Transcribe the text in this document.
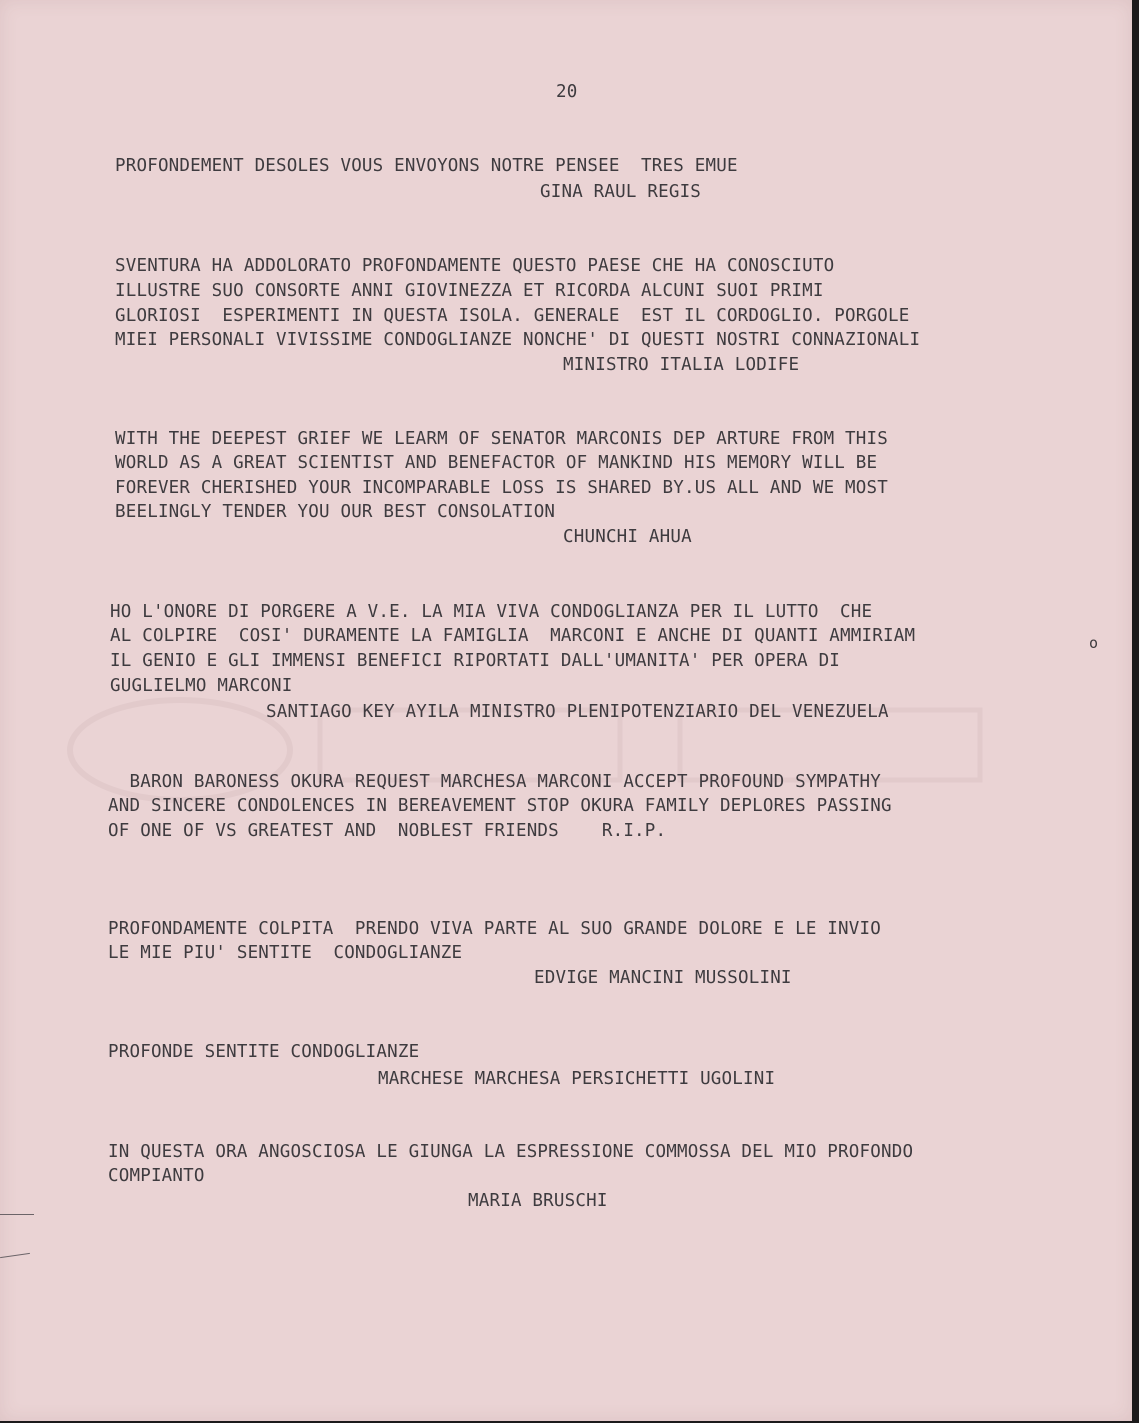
20
PROFONDEMENT DESOLES VOUS ENVOYONS NOTRE PENSEE  TRES EMUE
GINA RAUL REGIS
SVENTURA HA ADDOLORATO PROFONDAMENTE QUESTO PAESE CHE HA CONOSCIUTO
ILLUSTRE SUO CONSORTE ANNI GIOVINEZZA ET RICORDA ALCUNI SUOI PRIMI
GLORIOSI  ESPERIMENTI IN QUESTA ISOLA. GENERALE  EST IL CORDOGLIO. PORGOLE
MIEI PERSONALI VIVISSIME CONDOGLIANZE NONCHE' DI QUESTI NOSTRI CONNAZIONALI
MINISTRO ITALIA LODIFE
WITH THE DEEPEST GRIEF WE LEARM OF SENATOR MARCONIS DEP ARTURE FROM THIS
WORLD AS A GREAT SCIENTIST AND BENEFACTOR OF MANKIND HIS MEMORY WILL BE
FOREVER CHERISHED YOUR INCOMPARABLE LOSS IS SHARED BY.US ALL AND WE MOST
BEELINGLY TENDER YOU OUR BEST CONSOLATION
CHUNCHI AHUA
HO L'ONORE DI PORGERE A V.E. LA MIA VIVA CONDOGLIANZA PER IL LUTTO  CHE
AL COLPIRE  COSI' DURAMENTE LA FAMIGLIA  MARCONI E ANCHE DI QUANTI AMMIRIAM
IL GENIO E GLI IMMENSI BENEFICI RIPORTATI DALL'UMANITA' PER OPERA DI
GUGLIELMO MARCONI
SANTIAGO KEY AYILA MINISTRO PLENIPOTENZIARIO DEL VENEZUELA
o
BARON BARONESS OKURA REQUEST MARCHESA MARCONI ACCEPT PROFOUND SYMPATHY
AND SINCERE CONDOLENCES IN BEREAVEMENT STOP OKURA FAMILY DEPLORES PASSING
OF ONE OF VS GREATEST AND  NOBLEST FRIENDS    R.I.P.
PROFONDAMENTE COLPITA  PRENDO VIVA PARTE AL SUO GRANDE DOLORE E LE INVIO
LE MIE PIU' SENTITE  CONDOGLIANZE
EDVIGE MANCINI MUSSOLINI
PROFONDE SENTITE CONDOGLIANZE
MARCHESE MARCHESA PERSICHETTI UGOLINI
IN QUESTA ORA ANGOSCIOSA LE GIUNGA LA ESPRESSIONE COMMOSSA DEL MIO PROFONDO
COMPIANTO
MARIA BRUSCHI
